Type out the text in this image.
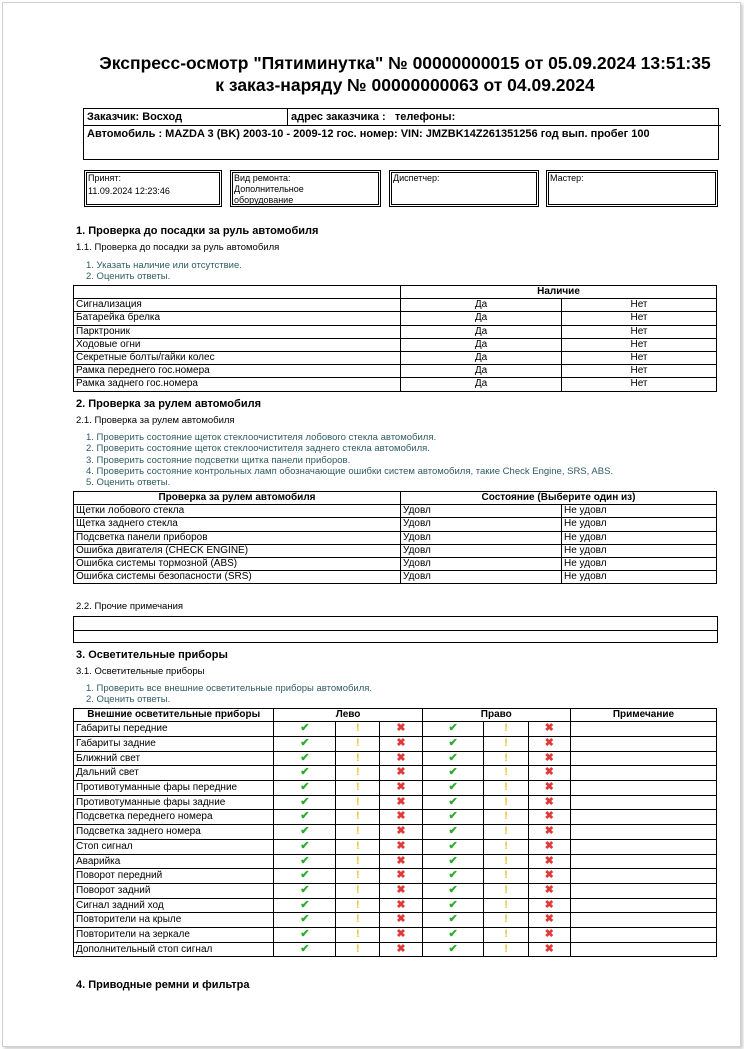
Экспресс-осмотр "Пятиминутка" № 00000000015 от 05.09.2024 13:51:35
к заказ-наряду № 00000000063 от 04.09.2024
Заказчик: Восход	адрес заказчика : телефоны:
Автомобиль : MAZDA 3 (BK) 2003-10 - 2009-12 гос. номер: VIN: JMZBK14Z261351256 год вып. пробег 100
Принят:
11.09.2024 12:23:46
Вид ремонта:
Дополнительное оборудование
Диспетчер:	Мастер:
1. Проверка до посадки за руль автомобиля
1.1. Проверка до посадки за руль автомобиля
1. Указать наличие или отсутствие.
2. Оценить ответы.
	Наличие	
Сигнализация	Да	Нет
Батарейка брелка	Да	Нет
Парктроник	Да	Нет
Ходовые огни	Да	Нет
Секретные болты/гайки колес	Да	Нет
Рамка переднего гос.номера	Да	Нет
Рамка заднего гос.номера	Да	Нет
2. Проверка за рулем автомобиля
2.1. Проверка за рулем автомобиля
1. Проверить состояние щеток стеклоочистителя лобового стекла автомобиля.
2. Проверить состояние щеток стеклоочистителя заднего стекла автомобиля.
3. Проверить состояние подсветки щитка панели приборов.
4. Проверить состояние контрольных ламп обозначающие ошибки систем автомобиля, такие Check Engine, SRS, ABS.
5. Оценить ответы.
Проверка за рулем автомобиля	Состояние (Выберите один из)	
Щетки лобового стекла	Удовл	Не удовл
Щетка заднего стекла	Удовл	Не удовл
Подсветка панели приборов	Удовл	Не удовл
Ошибка двигателя (CHECK ENGINE)	Удовл	Не удовл
Ошибка системы тормозной (ABS)	Удовл	Не удовл
Ошибка системы безопасности (SRS)	Удовл	Не удовл
2.2. Прочие примечания
3. Осветительные приборы
3.1. Осветительные приборы
1. Проверить все внешние осветительные приборы автомобиля.
2. Оценить ответы.
Внешние осветительные приборы	Лево			Право			Примечание
Габариты передние	✔	!	✖	✔	!	✖	
Габариты задние	✔	!	✖	✔	!	✖	
Ближний свет	✔	!	✖	✔	!	✖	
Дальний свет	✔	!	✖	✔	!	✖	
Противотуманные фары передние	✔	!	✖	✔	!	✖	
Противотуманные фары задние	✔	!	✖	✔	!	✖	
Подсветка переднего номера	✔	!	✖	✔	!	✖	
Подсветка заднего номера	✔	!	✖	✔	!	✖	
Стоп сигнал	✔	!	✖	✔	!	✖	
Аварийка	✔	!	✖	✔	!	✖	
Поворот передний	✔	!	✖	✔	!	✖	
Поворот задний	✔	!	✖	✔	!	✖	
Сигнал задний ход	✔	!	✖	✔	!	✖	
Повторители на крыле	✔	!	✖	✔	!	✖	
Повторители на зеркале	✔	!	✖	✔	!	✖	
Дополнительный стоп сигнал	✔	!	✖	✔	!	✖	
4. Приводные ремни и фильтра
